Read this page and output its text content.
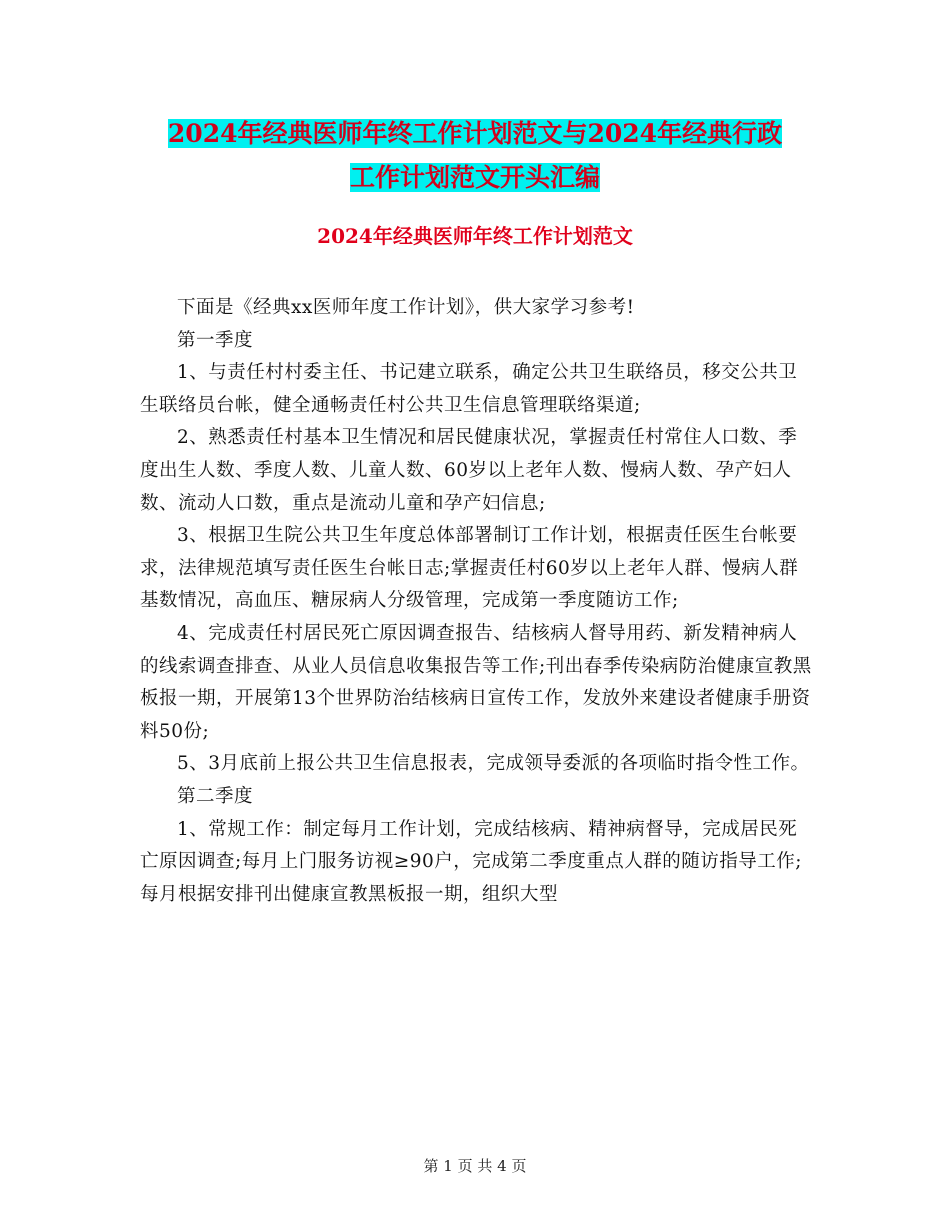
2024年经典医师年终工作计划范文与2024年经典行政
工作计划范文开头汇编
2024年经典医师年终工作计划范文

下面是《经典xx医师年度工作计划》，供大家学习参考!

第一季度

1、与责任村村委主任、书记建立联系，确定公共卫生联络员，移交公共卫生联络员台帐，健全通畅责任村公共卫生信息管理联络渠道;

2、熟悉责任村基本卫生情况和居民健康状况，掌握责任村常住人口数、季度出生人数、季度人数、儿童人数、60岁以上老年人数、慢病人数、孕产妇人数、流动人口数，重点是流动儿童和孕产妇信息;

3、根据卫生院公共卫生年度总体部署制订工作计划，根据责任医生台帐要求，法律规范填写责任医生台帐日志;掌握责任村60岁以上老年人群、慢病人群基数情况，高血压、糖尿病人分级管理，完成第一季度随访工作;

4、完成责任村居民死亡原因调查报告、结核病人督导用药、新发精神病人的线索调查排查、从业人员信息收集报告等工作;刊出春季传染病防治健康宣教黑板报一期，开展第13个世界防治结核病日宣传工作，发放外来建设者健康手册资料50份;

5、3月底前上报公共卫生信息报表，完成领导委派的各项临时指令性工作。

第二季度

1、常规工作：制定每月工作计划，完成结核病、精神病督导，完成居民死亡原因调查;每月上门服务访视≥90户，完成第二季度重点人群的随访指导工作;每月根据安排刊出健康宣教黑板报一期，组织大型

第 1 页 共 4 页
